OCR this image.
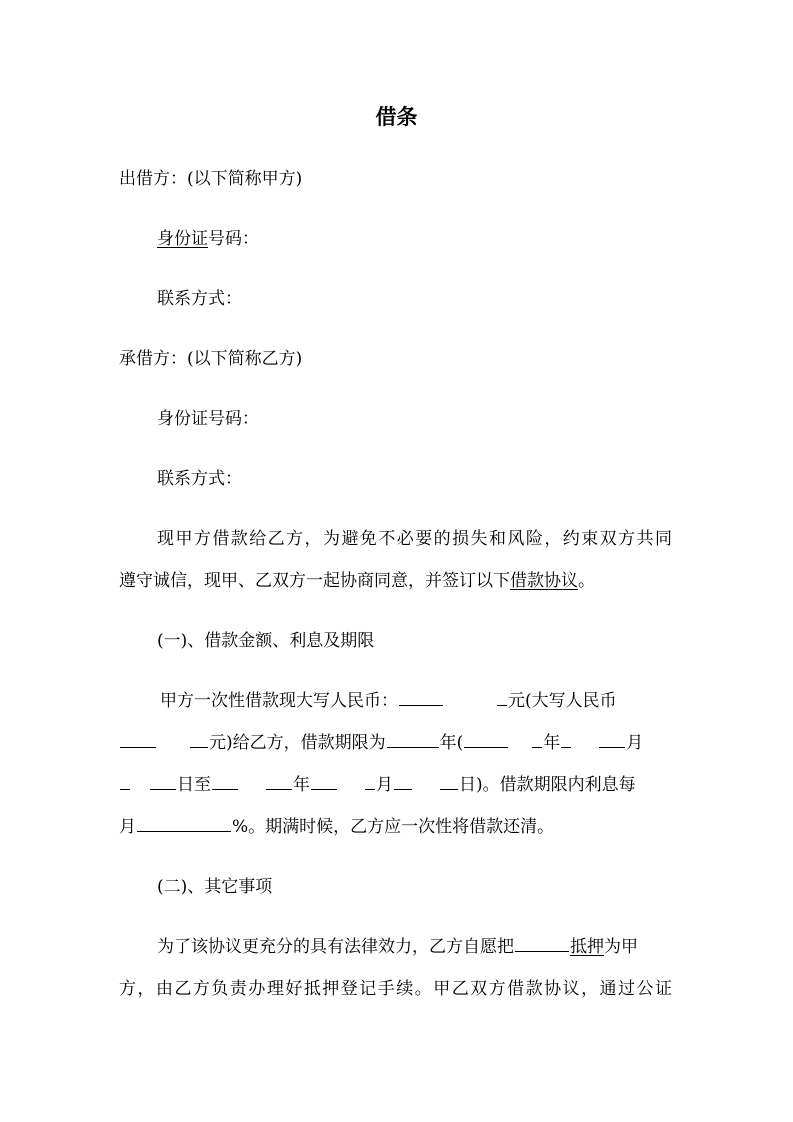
借条
出借方：(以下简称甲方)
身份证号码：
联系方式：
承借方：(以下简称乙方)
身份证号码：
联系方式：
现甲方借款给乙方，为避免不必要的损失和风险，约束双方共同
遵守诚信，现甲、乙双方一起协商同意，并签订以下借款协议。
(一)、借款金额、利息及期限
甲方一次性借款现大写人民币：	元(大写人民币
元)给乙方，借款期限为	年(	年	月
日至	年	月	日)。借款期限内利息每
月	%。期满时候，乙方应一次性将借款还清。
(二)、其它事项
为了该协议更充分的具有法律效力，乙方自愿把	抵押为甲
方，由乙方负责办理好抵押登记手续。甲乙双方借款协议，通过公证
